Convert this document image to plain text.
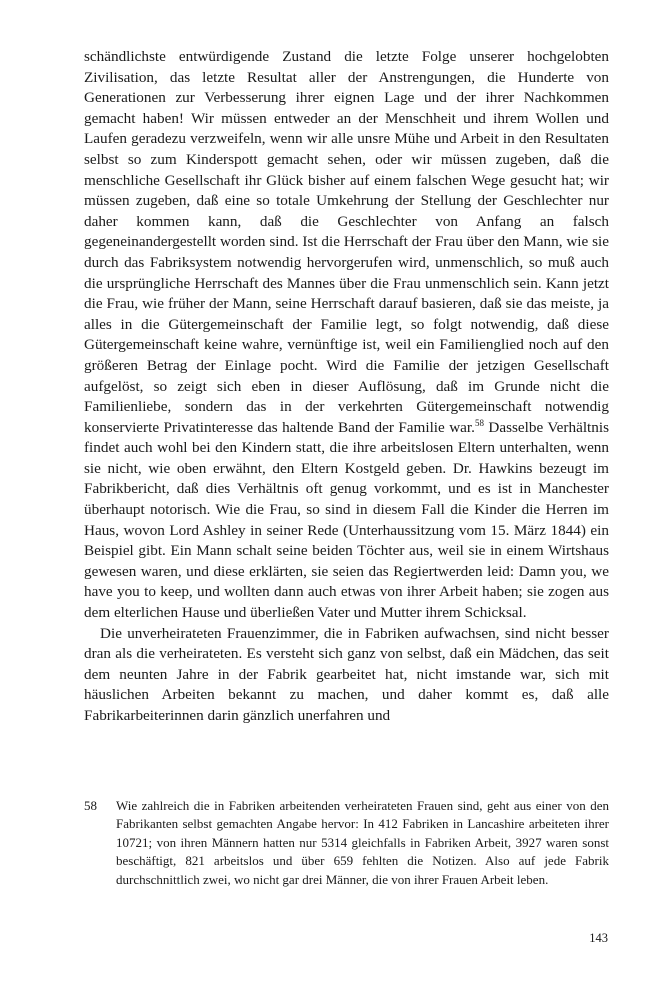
schändlichste entwürdigende Zustand die letzte Folge unserer hochgelobten Zivilisation, das letzte Resultat aller der Anstrengungen, die Hunderte von Generationen zur Verbesserung ihrer eignen Lage und der ihrer Nachkommen gemacht haben! Wir müssen entweder an der Menschheit und ihrem Wollen und Laufen geradezu verzweifeln, wenn wir alle unsre Mühe und Arbeit in den Resultaten selbst so zum Kinderspott gemacht sehen, oder wir müssen zugeben, daß die menschliche Gesellschaft ihr Glück bisher auf einem falschen Wege gesucht hat; wir müssen zugeben, daß eine so totale Umkehrung der Stellung der Geschlechter nur daher kommen kann, daß die Geschlechter von Anfang an falsch gegeneinandergestellt worden sind. Ist die Herrschaft der Frau über den Mann, wie sie durch das Fabriksystem notwendig hervorgerufen wird, unmenschlich, so muß auch die ursprüngliche Herrschaft des Mannes über die Frau unmenschlich sein. Kann jetzt die Frau, wie früher der Mann, seine Herrschaft darauf basieren, daß sie das meiste, ja alles in die Gütergemeinschaft der Familie legt, so folgt notwendig, daß diese Gütergemeinschaft keine wahre, vernünftige ist, weil ein Familienglied noch auf den größeren Betrag der Einlage pocht. Wird die Familie der jetzigen Gesellschaft aufgelöst, so zeigt sich eben in dieser Auflösung, daß im Grunde nicht die Familienliebe, sondern das in der verkehrten Gütergemeinschaft notwendig konservierte Privatinteresse das haltende Band der Familie war.$^{58}$ Dasselbe Verhältnis findet auch wohl bei den Kindern statt, die ihre arbeitslosen Eltern unterhalten, wenn sie nicht, wie oben erwähnt, den Eltern Kostgeld geben. Dr. Hawkins bezeugt im Fabrikbericht, daß dies Verhältnis oft genug vorkommt, und es ist in Manchester überhaupt notorisch. Wie die Frau, so sind in diesem Fall die Kinder die Herren im Haus, wovon Lord Ashley in seiner Rede (Unterhaussitzung vom 15. März 1844) ein Beispiel gibt. Ein Mann schalt seine beiden Töchter aus, weil sie in einem Wirtshaus gewesen waren, und diese erklärten, sie seien das Regiertwerden leid: Damn you, we have you to keep, und wollten dann auch etwas von ihrer Arbeit haben; sie zogen aus dem elterlichen Hause und überließen Vater und Mutter ihrem Schicksal.

Die unverheirateten Frauenzimmer, die in Fabriken aufwachsen, sind nicht besser dran als die verheirateten. Es versteht sich ganz von selbst, daß ein Mädchen, das seit dem neunten Jahre in der Fabrik gearbeitet hat, nicht imstande war, sich mit häuslichen Arbeiten bekannt zu machen, und daher kommt es, daß alle Fabrikarbeiterinnen darin gänzlich unerfahren und

58	Wie zahlreich die in Fabriken arbeitenden verheirateten Frauen sind, geht aus einer von den Fabrikanten selbst gemachten Angabe hervor: In 412 Fabriken in Lancashire arbeiteten ihrer 10721; von ihren Männern hatten nur 5314 gleichfalls in Fabriken Arbeit, 3927 waren sonst beschäftigt, 821 arbeitslos und über 659 fehlten die Notizen. Also auf jede Fabrik durchschnittlich zwei, wo nicht gar drei Männer, die von ihrer Frauen Arbeit leben.
143
